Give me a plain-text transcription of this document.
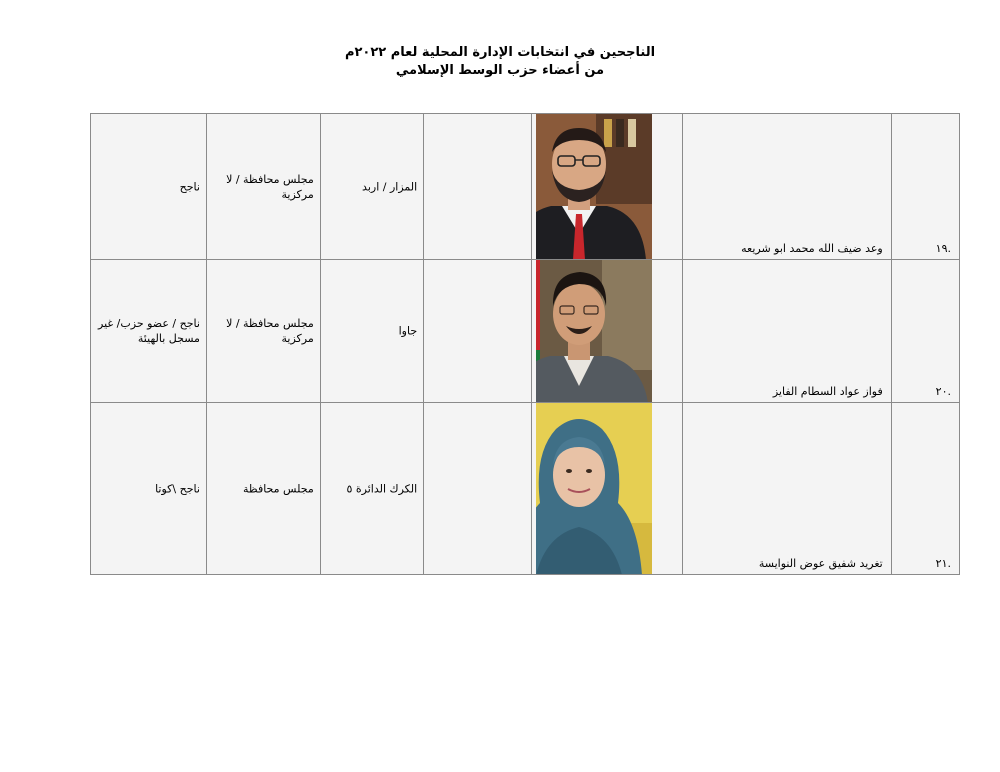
الناجحين في انتخابات الإدارة المحلية لعام ٢٠٢٢م
من أعضاء حزب الوسط الإسلامي
.١٩	وعد ضيف الله محمد ابو شريعه			المزار / اربد	مجلس محافظة / لا مركزية	ناجح

.٢٠	فواز عواد السطام الفايز			جاوا	مجلس محافظة / لا مركزية	ناجح / عضو حزب/ غير مسجل بالهيئة

.٢١	تغريد شفيق عوض النوايسة			الكرك الدائرة ٥	مجلس محافظة	ناجح \كوتا
